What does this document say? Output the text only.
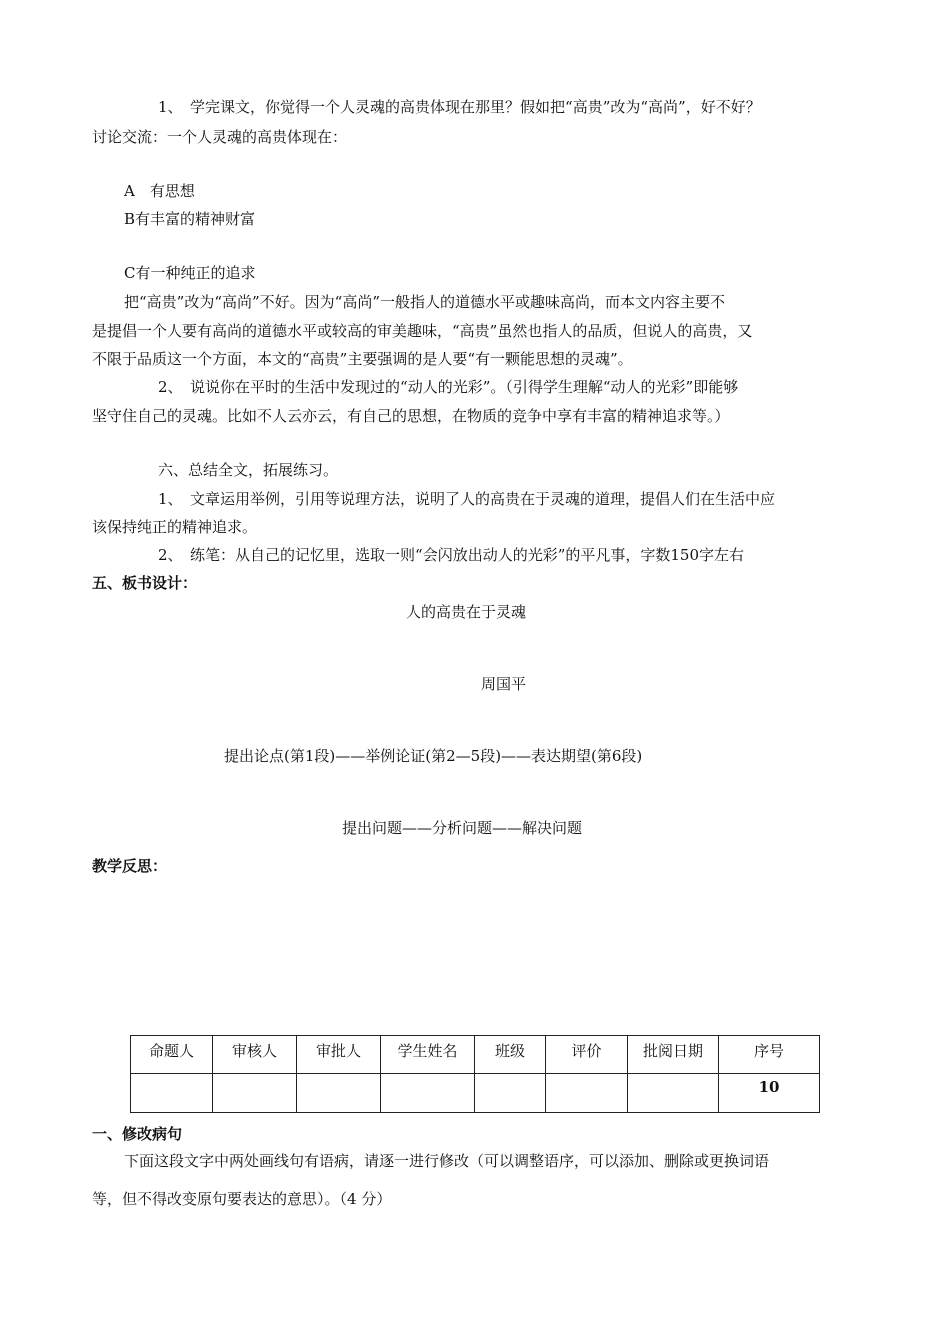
1、　学完课文，你觉得一个人灵魂的高贵体现在那里？假如把“高贵”改为“高尚”，好不好？
讨论交流：一个人灵魂的高贵体现在：
A　有思想
B有丰富的精神财富
C有一种纯正的追求
把“高贵”改为“高尚”不好。因为“高尚”一般指人的道德水平或趣味高尚，而本文内容主要不
是提倡一个人要有高尚的道德水平或较高的审美趣味，“高贵”虽然也指人的品质，但说人的高贵，又
不限于品质这一个方面，本文的“高贵”主要强调的是人要“有一颗能思想的灵魂”。
2、　说说你在平时的生活中发现过的“动人的光彩”。（引得学生理解“动人的光彩”即能够
坚守住自己的灵魂。比如不人云亦云，有自己的思想，在物质的竞争中享有丰富的精神追求等。）
六、总结全文，拓展练习。
1、　文章运用举例，引用等说理方法，说明了人的高贵在于灵魂的道理，提倡人们在生活中应
该保持纯正的精神追求。
2、　练笔：从自己的记忆里，选取一则“会闪放出动人的光彩”的平凡事，字数150字左右
五、板书设计：
人的高贵在于灵魂
周国平
提出论点(第1段)——举例论证(第2—5段)——表达期望(第6段)
提出问题——分析问题——解决问题
教学反思：
命题人	审核人	审批人	学生姓名	班级	评价	批阅日期	序号
							10
一、修改病句
下面这段文字中两处画线句有语病，请逐一进行修改（可以调整语序，可以添加、删除或更换词语
等，但不得改变原句要表达的意思）。（4 分）
